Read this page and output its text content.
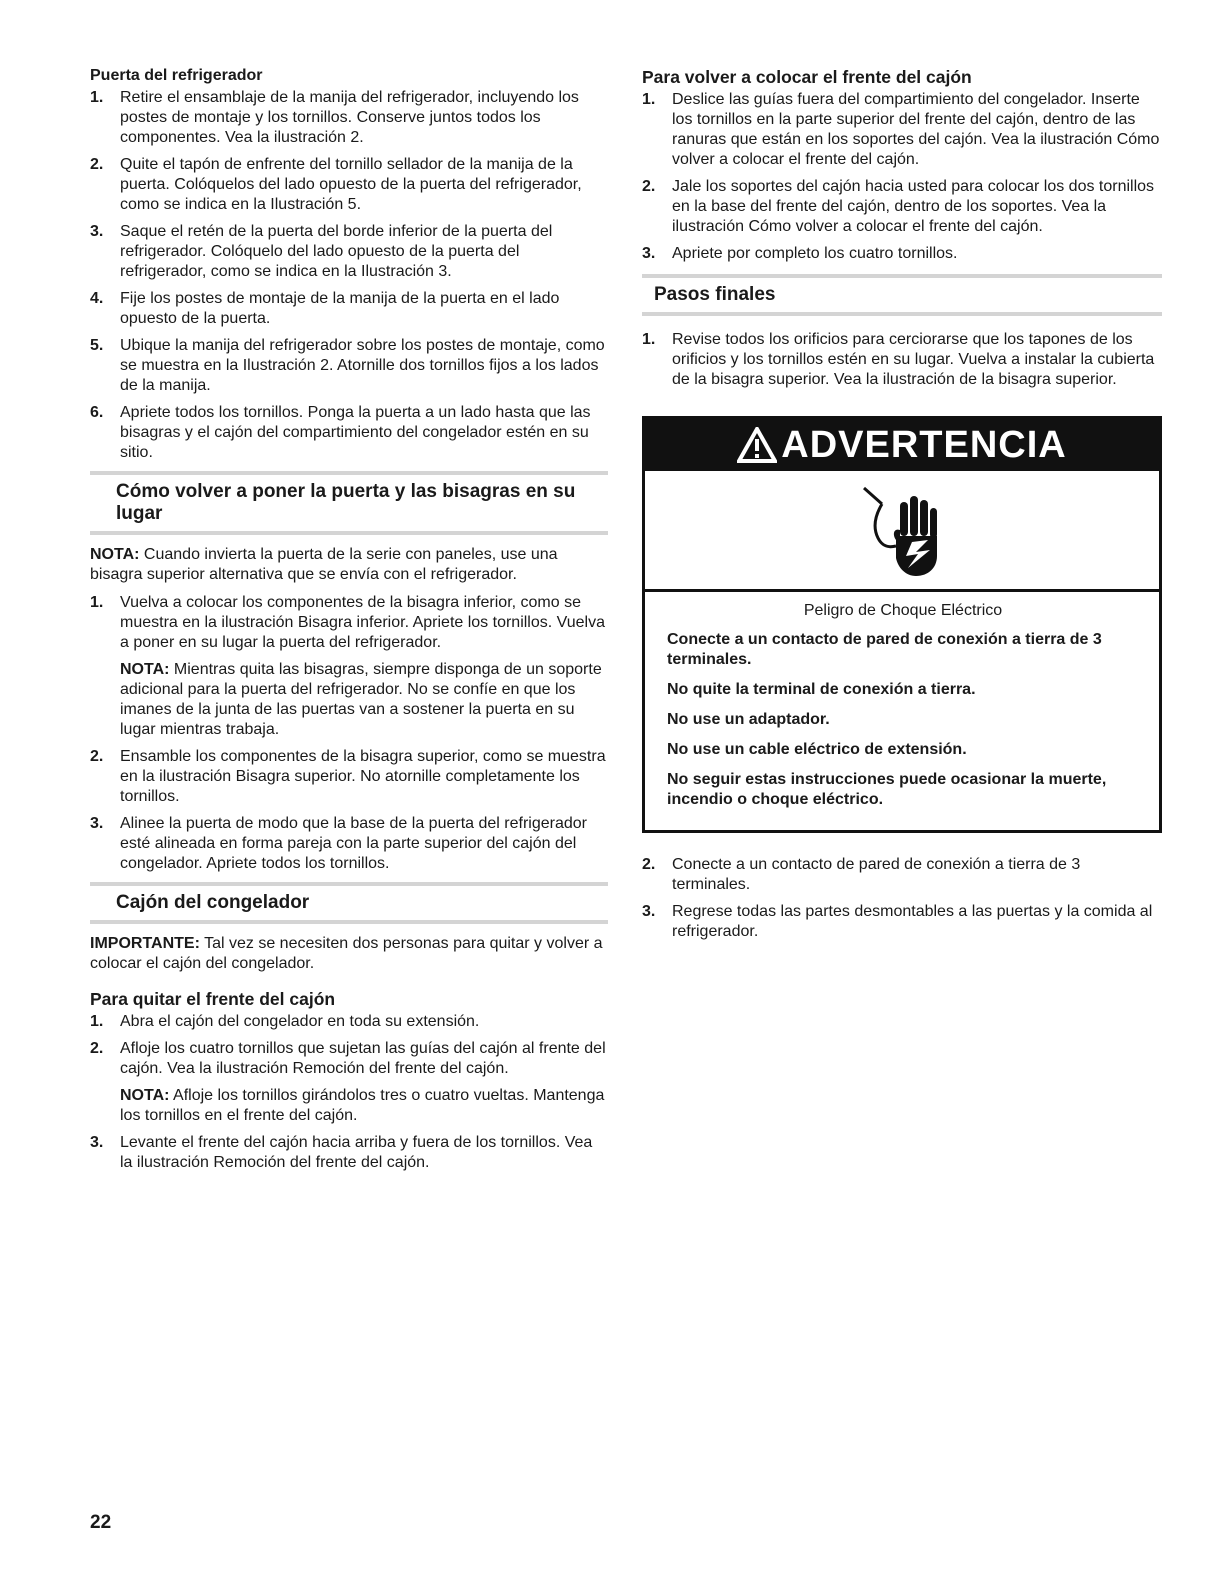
Puerta del refrigerador
1. Retire el ensamblaje de la manija del refrigerador, incluyendo los postes de montaje y los tornillos. Conserve juntos todos los componentes. Vea la ilustración 2.
2. Quite el tapón de enfrente del tornillo sellador de la manija de la puerta. Colóquelos del lado opuesto de la puerta del refrigerador, como se indica en la Ilustración 5.
3. Saque el retén de la puerta del borde inferior de la puerta del refrigerador. Colóquelo del lado opuesto de la puerta del refrigerador, como se indica en la Ilustración 3.
4. Fije los postes de montaje de la manija de la puerta en el lado opuesto de la puerta.
5. Ubique la manija del refrigerador sobre los postes de montaje, como se muestra en la Ilustración 2. Atornille dos tornillos fijos a los lados de la manija.
6. Apriete todos los tornillos. Ponga la puerta a un lado hasta que las bisagras y el cajón del compartimiento del congelador estén en su sitio.
Cómo volver a poner la puerta y las bisagras en su lugar

NOTA: Cuando invierta la puerta de la serie con paneles, use una bisagra superior alternativa que se envía con el refrigerador.

1. Vuelva a colocar los componentes de la bisagra inferior, como se muestra en la ilustración Bisagra inferior. Apriete los tornillos. Vuelva a poner en su lugar la puerta del refrigerador.

NOTA: Mientras quita las bisagras, siempre disponga de un soporte adicional para la puerta del refrigerador. No se confíe en que los imanes de la junta de las puertas van a sostener la puerta en su lugar mientras trabaja.

2. Ensamble los componentes de la bisagra superior, como se muestra en la ilustración Bisagra superior. No atornille completamente los tornillos.
3. Alinee la puerta de modo que la base de la puerta del refrigerador esté alineada en forma pareja con la parte superior del cajón del congelador. Apriete todos los tornillos.
Cajón del congelador

IMPORTANTE: Tal vez se necesiten dos personas para quitar y volver a colocar el cajón del congelador.

Para quitar el frente del cajón
1. Abra el cajón del congelador en toda su extensión.
2. Afloje los cuatro tornillos que sujetan las guías del cajón al frente del cajón. Vea la ilustración Remoción del frente del cajón.

NOTA: Afloje los tornillos girándolos tres o cuatro vueltas. Mantenga los tornillos en el frente del cajón.

3. Levante el frente del cajón hacia arriba y fuera de los tornillos. Vea la ilustración Remoción del frente del cajón.
Para volver a colocar el frente del cajón
1. Deslice las guías fuera del compartimiento del congelador. Inserte los tornillos en la parte superior del frente del cajón, dentro de las ranuras que están en los soportes del cajón. Vea la ilustración Cómo volver a colocar el frente del cajón.
2. Jale los soportes del cajón hacia usted para colocar los dos tornillos en la base del frente del cajón, dentro de los soportes. Vea la ilustración Cómo volver a colocar el frente del cajón.
3. Apriete por completo los cuatro tornillos.
Pasos finales
1. Revise todos los orificios para cerciorarse que los tapones de los orificios y los tornillos estén en su lugar. Vuelva a instalar la cubierta de la bisagra superior. Vea la ilustración de la bisagra superior.
ADVERTENCIA

Peligro de Choque Eléctrico

Conecte a un contacto de pared de conexión a tierra de 3 terminales.

No quite la terminal de conexión a tierra.

No use un adaptador.

No use un cable eléctrico de extensión.

No seguir estas instrucciones puede ocasionar la muerte, incendio o choque eléctrico.

2. Conecte a un contacto de pared de conexión a tierra de 3 terminales.
3. Regrese todas las partes desmontables a las puertas y la comida al refrigerador.
22
